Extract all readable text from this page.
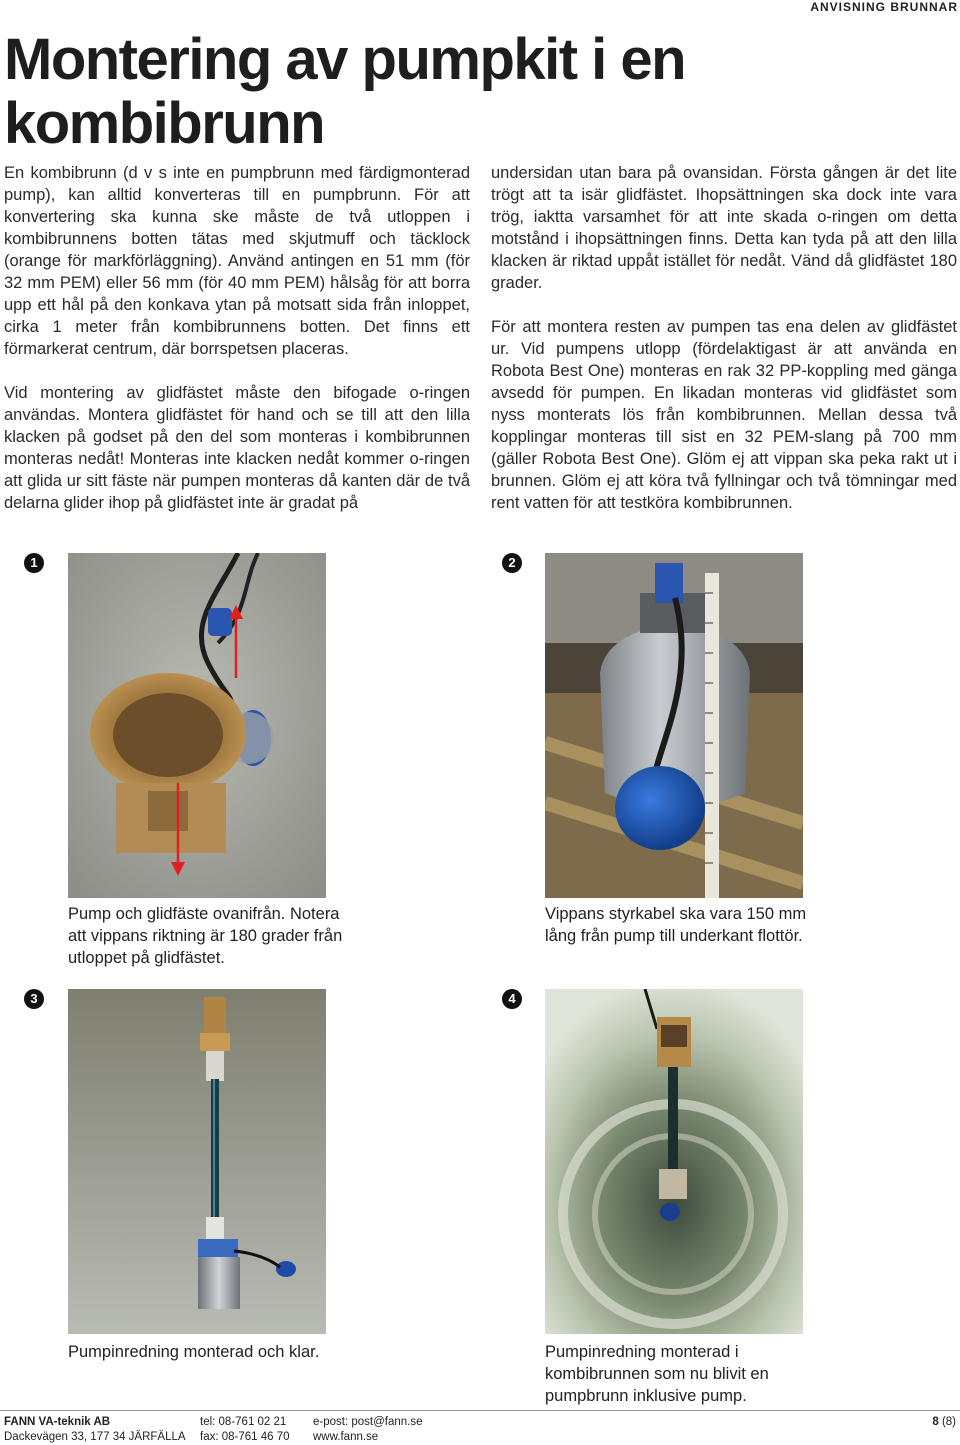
ANVISNING BRUNNAR
Montering av pumpkit i en kombibrunn

En kombibrunn (d v s inte en pumpbrunn med färdigmonterad pump), kan alltid konverteras till en pumpbrunn. För att konvertering ska kunna ske måste de två utloppen i kombibrunnens botten tätas med skjutmuff och täcklock (orange för markförläggning). Använd antingen en 51 mm (för 32 mm PEM) eller 56 mm (för 40 mm PEM) hålsåg för att borra upp ett hål på den konkava ytan på motsatt sida från inloppet, cirka 1 meter från kombibrunnens botten. Det finns ett förmarkerat centrum, där borrspetsen placeras.

Vid montering av glidfästet måste den bifogade o-ringen användas. Montera glidfästet för hand och se till att den lilla klacken på godset på den del som monteras i kombibrunnen monteras nedåt! Monteras inte klacken nedåt kommer o-ringen att glida ur sitt fäste när pumpen monteras då kanten där de två delarna glider ihop på glidfästet inte är gradat på

undersidan utan bara på ovansidan. Första gången är det lite trögt att ta isär glidfästet. Ihopsättningen ska dock inte vara trög, iaktta varsamhet för att inte skada o-ringen om detta motstånd i ihopsättningen finns. Detta kan tyda på att den lilla klacken är riktad uppåt istället för nedåt. Vänd då glidfästet 180 grader.

För att montera resten av pumpen tas ena delen av glidfästet ur. Vid pumpens utlopp (fördelaktigast är att använda en Robota Best One) monteras en rak 32 PP-koppling med gänga avsedd för pumpen. En likadan monteras vid glidfästet som nyss monterats lös från kombibrunnen. Mellan dessa två kopplingar monteras till sist en 32 PEM-slang på 700 mm (gäller Robota Best One). Glöm ej att vippan ska peka rakt ut i brunnen. Glöm ej att köra två fyllningar och två tömningar med rent vatten för att testköra kombibrunnen.

1

Pump och glidfäste ovanifrån. Notera att vippans riktning är 180 grader från utloppet på glidfästet.

2

Vippans styrkabel ska vara 150 mm lång från pump till underkant flottör.

3

Pumpinredning monterad och klar.

4

Pumpinredning monterad i kombibrunnen som nu blivit en pumpbrunn inklusive pump.

FANN VA-teknik AB
Dackevägen 33, 177 34 JÄRFÄLLA
tel: 08-761 02 21
fax: 08-761 46 70
e-post: post@fann.se
www.fann.se
8 (8)
